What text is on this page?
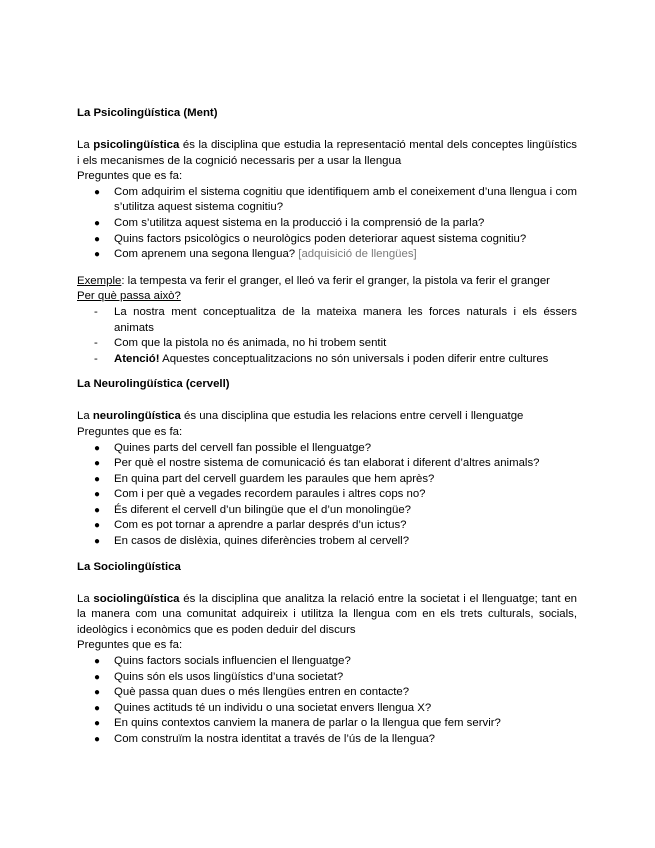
La Psicolingüística (Ment)

La psicolingüística és la disciplina que estudia la representació mental dels conceptes lingüístics i els mecanismes de la cognició necessaris per a usar la llengua

Preguntes que es fa:

● Com adquirim el sistema cognitiu que identifiquem amb el coneixement d’una llengua i com s’utilitza aquest sistema cognitiu?
● Com s’utilitza aquest sistema en la producció i la comprensió de la parla?
● Quins factors psicològics o neurològics poden deteriorar aquest sistema cognitiu?
● Com aprenem una segona llengua? [adquisició de llengües]

Exemple: la tempesta va ferir el granger, el lleó va ferir el granger, la pistola va ferir el granger

Per què passa això?

- La nostra ment conceptualitza de la mateixa manera les forces naturals i els éssers animats
- Com que la pistola no és animada, no hi trobem sentit
- Atenció! Aquestes conceptualitzacions no són universals i poden diferir entre cultures

La Neurolingüística (cervell)

La neurolingüística és una disciplina que estudia les relacions entre cervell i llenguatge

Preguntes que es fa:

● Quines parts del cervell fan possible el llenguatge?
● Per què el nostre sistema de comunicació és tan elaborat i diferent d’altres animals?
● En quina part del cervell guardem les paraules que hem après?
● Com i per què a vegades recordem paraules i altres cops no?
● És diferent el cervell d’un bilingüe que el d’un monolingüe?
● Com es pot tornar a aprendre a parlar després d’un ictus?
● En casos de dislèxia, quines diferències trobem al cervell?

La Sociolingüística

La sociolingüística és la disciplina que analitza la relació entre la societat i el llenguatge; tant en la manera com una comunitat adquireix i utilitza la llengua com en els trets culturals, socials, ideològics i econòmics que es poden deduir del discurs

Preguntes que es fa:

● Quins factors socials influencien el llenguatge?
● Quins són els usos lingüístics d’una societat?
● Què passa quan dues o més llengües entren en contacte?
● Quines actituds té un individu o una societat envers llengua X?
● En quins contextos canviem la manera de parlar o la llengua que fem servir?
● Com construïm la nostra identitat a través de l’ús de la llengua?
